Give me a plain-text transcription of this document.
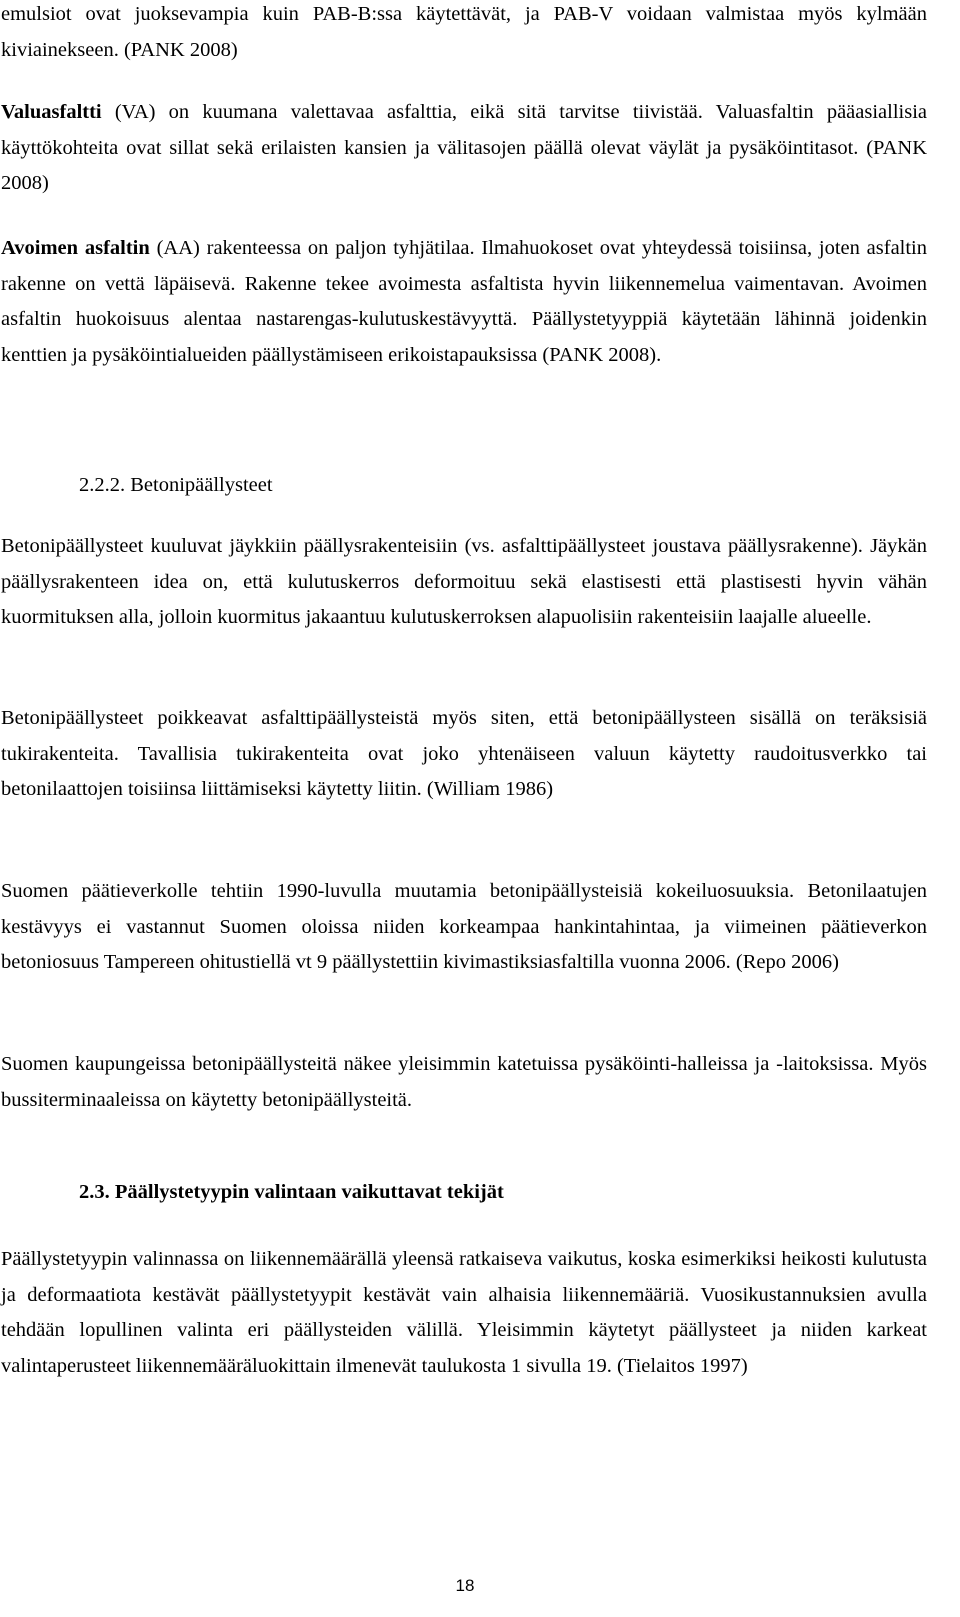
emulsiot ovat juoksevampia kuin PAB-B:ssa käytettävät, ja PAB-V voidaan valmistaa myös kylmään kiviainekseen. (PANK 2008)

Valuasfaltti (VA) on kuumana valettavaa asfalttia, eikä sitä tarvitse tiivistää. Valuasfaltin pääasiallisia käyttökohteita ovat sillat sekä erilaisten kansien ja välitasojen päällä olevat väylät ja pysäköintitasot. (PANK 2008)

Avoimen asfaltin (AA) rakenteessa on paljon tyhjätilaa. Ilmahuokoset ovat yhteydessä toisiinsa, joten asfaltin rakenne on vettä läpäisevä. Rakenne tekee avoimesta asfaltista hyvin liikennemelua vaimentavan. Avoimen asfaltin huokoisuus alentaa nastarengas-kulutuskestävyyttä. Päällystetyyppiä käytetään lähinnä joidenkin kenttien ja pysäköintialueiden päällystämiseen erikoistapauksissa (PANK 2008).

2.2.2. Betonipäällysteet

Betonipäällysteet kuuluvat jäykkiin päällysrakenteisiin (vs. asfalttipäällysteet joustava päällysrakenne). Jäykän päällysrakenteen idea on, että kulutuskerros deformoituu sekä elastisesti että plastisesti hyvin vähän kuormituksen alla, jolloin kuormitus jakaantuu kulutuskerroksen alapuolisiin rakenteisiin laajalle alueelle.

Betonipäällysteet poikkeavat asfalttipäällysteistä myös siten, että betonipäällysteen sisällä on teräksisiä tukirakenteita. Tavallisia tukirakenteita ovat joko yhtenäiseen valuun käytetty raudoitusverkko tai betonilaattojen toisiinsa liittämiseksi käytetty liitin. (William 1986)

Suomen päätieverkolle tehtiin 1990-luvulla muutamia betonipäällysteisiä kokeiluosuuksia. Betonilaatujen kestävyys ei vastannut Suomen oloissa niiden korkeampaa hankintahintaa, ja viimeinen päätieverkon betoniosuus Tampereen ohitustiellä vt 9 päällystettiin kivimastiksiasfaltilla vuonna 2006. (Repo 2006)

Suomen kaupungeissa betonipäällysteitä näkee yleisimmin katetuissa pysäköinti-halleissa ja -laitoksissa. Myös bussiterminaaleissa on käytetty betonipäällysteitä.

2.3. Päällystetyypin valintaan vaikuttavat tekijät

Päällystetyypin valinnassa on liikennemäärällä yleensä ratkaiseva vaikutus, koska esimerkiksi heikosti kulutusta ja deformaatiota kestävät päällystetyypit kestävät vain alhaisia liikennemääriä. Vuosikustannuksien avulla tehdään lopullinen valinta eri päällysteiden välillä. Yleisimmin käytetyt päällysteet ja niiden karkeat valintaperusteet liikennemääräluokittain ilmenevät taulukosta 1 sivulla 19. (Tielaitos 1997)

18
